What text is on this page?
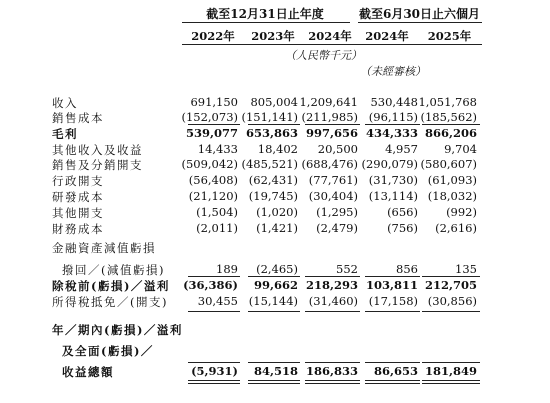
截至12月31日止年度	截至6月30日止六個月
2022年 2023年 2024年 2024年	2025年
（人民幣千元）
（未經審核）
收入	691,150	805,004 1,209,641	530,448 1,051,768
銷售成本	(152,073) (151,141) (211,985) (96,115) (185,562)
毛利	539,077 653,863 997,656 434,333 866,206
其他收入及收益	14,433	18,402	20,500	4,957	9,704
銷售及分銷開支	(509,042) (485,521) (688,476) (290,079) (580,607)
行政開支	(56,408) (62,431) (77,761) (31,730) (61,093)
研發成本	(21,120) (19,745) (30,404) (13,114) (18,032)
其他開支	(1,504)	(1,020)	(1,295)	(656)	(992)
財務成本	(2,011)	(1,421)	(2,479)	(756)	(2,616)
金融資產減值虧損
撥回／(減值虧損)	189	(2,465)	552	856	135
除稅前(虧損)／溢利	(36,386)	99,662 218,293 103,811 212,705
所得稅抵免／(開支)	30,455 (15,144) (31,460) (17,158) (30,856)
年／期內(虧損)／溢利
及全面(虧損)／
收益總額	(5,931)	84,518 186,833	86,653 181,849
